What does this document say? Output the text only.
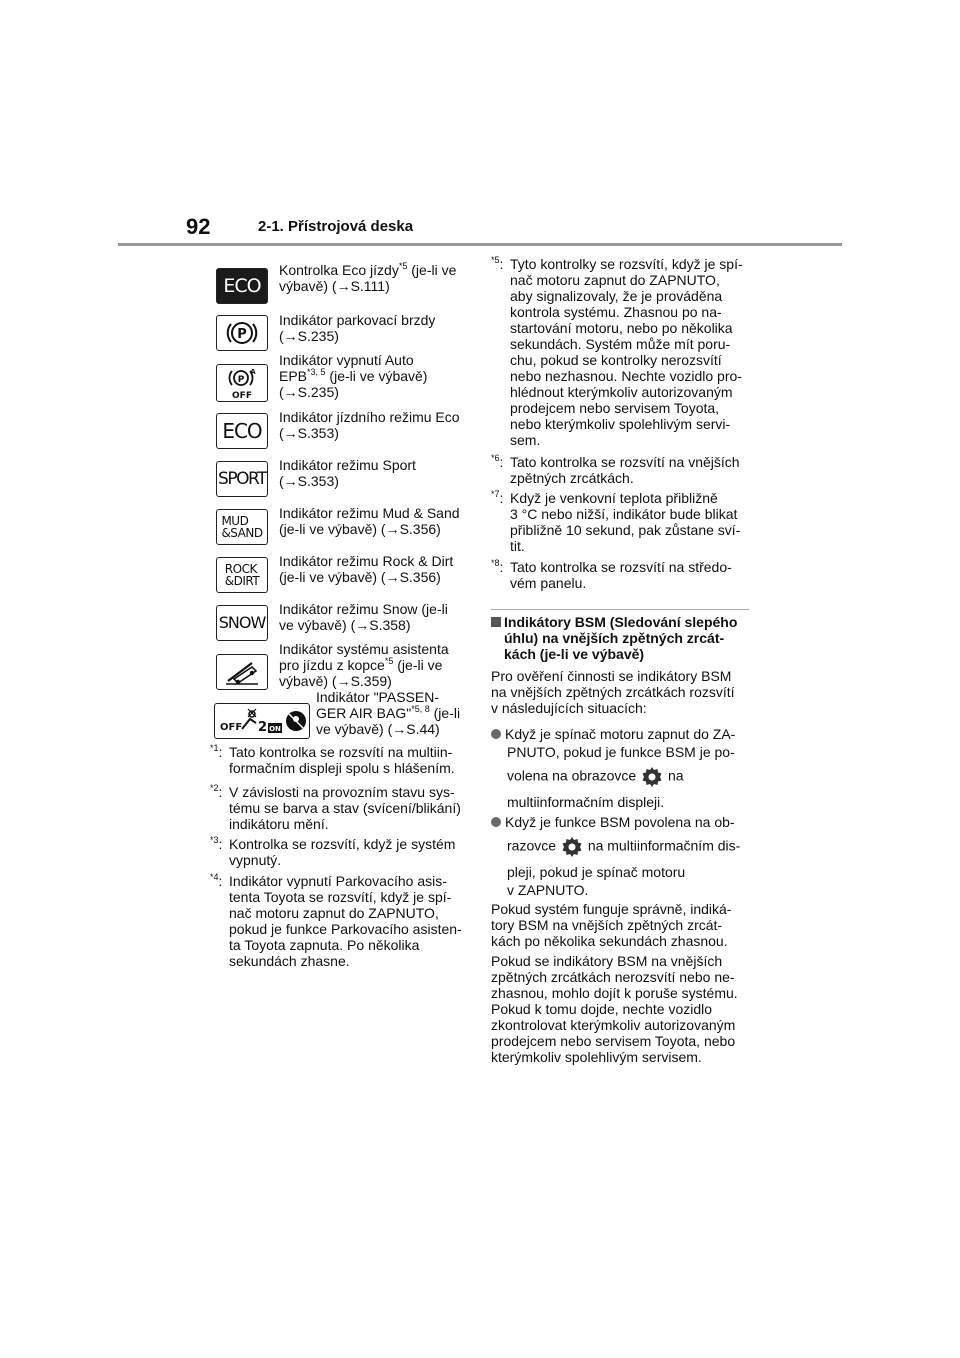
92	2-1. Přístrojová deska
ECO
Kontrolka Eco jízdy$^{*5}$ (je-li ve
výbavě) (→S.111)
P
Indikátor parkovací brzdy
(→S.235)
P
A
OFF
Indikátor vypnutí Auto
EPB$^{*3, 5}$ (je-li ve výbavě)
(→S.235)
ECO
Indikátor jízdního režimu Eco
(→S.353)
SPORT
Indikátor režimu Sport
(→S.353)
MUD
&SAND
Indikátor režimu Mud & Sand
(je-li ve výbavě) (→S.356)
ROCK
&DIRT
Indikátor režimu Rock & Dirt
(je-li ve výbavě) (→S.356)
SNOW
Indikátor režimu Snow (je-li
ve výbavě) (→S.358)
Indikátor systému asistenta
pro jízdu z kopce$^{*5}$ (je-li ve
výbavě) (→S.359)
OFF 2 ON
Indikátor "PASSEN-
GER AIR BAG"$^{*5, 8}$ (je-li
ve výbavě) (→S.44)
$^{*1}$: Tato kontrolka se rozsvítí na multiin-
formačním displeji spolu s hlášením.
$^{*2}$: V závislosti na provozním stavu sys-
tému se barva a stav (svícení/blikání)
indikátoru mění.
$^{*3}$: Kontrolka se rozsvítí, když je systém
vypnutý.
$^{*4}$: Indikátor vypnutí Parkovacího asis-
tenta Toyota se rozsvítí, když je spí-
nač motoru zapnut do ZAPNUTO,
pokud je funkce Parkovacího asisten-
ta Toyota zapnuta. Po několika
sekundách zhasne.
$^{*5}$: Tyto kontrolky se rozsvítí, když je spí-
nač motoru zapnut do ZAPNUTO,
aby signalizovaly, že je prováděna
kontrola systému. Zhasnou po na-
startování motoru, nebo po několika
sekundách. Systém může mít poru-
chu, pokud se kontrolky nerozsvítí
nebo nezhasnou. Nechte vozidlo pro-
hlédnout kterýmkoliv autorizovaným
prodejcem nebo servisem Toyota,
nebo kterýmkoliv spolehlivým servi-
sem.
$^{*6}$: Tato kontrolka se rozsvítí na vnějších
zpětných zrcátkách.
$^{*7}$: Když je venkovní teplota přibližně
3 °C nebo nižší, indikátor bude blikat
přibližně 10 sekund, pak zůstane sví-
tit.
$^{*8}$: Tato kontrolka se rozsvítí na středo-
vém panelu.
Indikátory BSM (Sledování slepého
úhlu) na vnějších zpětných zrcát-
kách (je-li ve výbavě)
Pro ověření činnosti se indikátory BSM
na vnějších zpětných zrcátkách rozsvítí
v následujících situacích:
Když je spínač motoru zapnut do ZA-
PNUTO, pokud je funkce BSM je po-

volena na obrazovce na
multiinformačním displeji.
Když je funkce BSM povolena na ob-

razovce na multiinformačním dis-
pleji, pokud je spínač motoru
v ZAPNUTO.
Pokud systém funguje správně, indiká-
tory BSM na vnějších zpětných zrcát-
kách po několika sekundách zhasnou.
Pokud se indikátory BSM na vnějších
zpětných zrcátkách nerozsvítí nebo ne-
zhasnou, mohlo dojít k poruše systému.
Pokud k tomu dojde, nechte vozidlo
zkontrolovat kterýmkoliv autorizovaným
prodejcem nebo servisem Toyota, nebo
kterýmkoliv spolehlivým servisem.
